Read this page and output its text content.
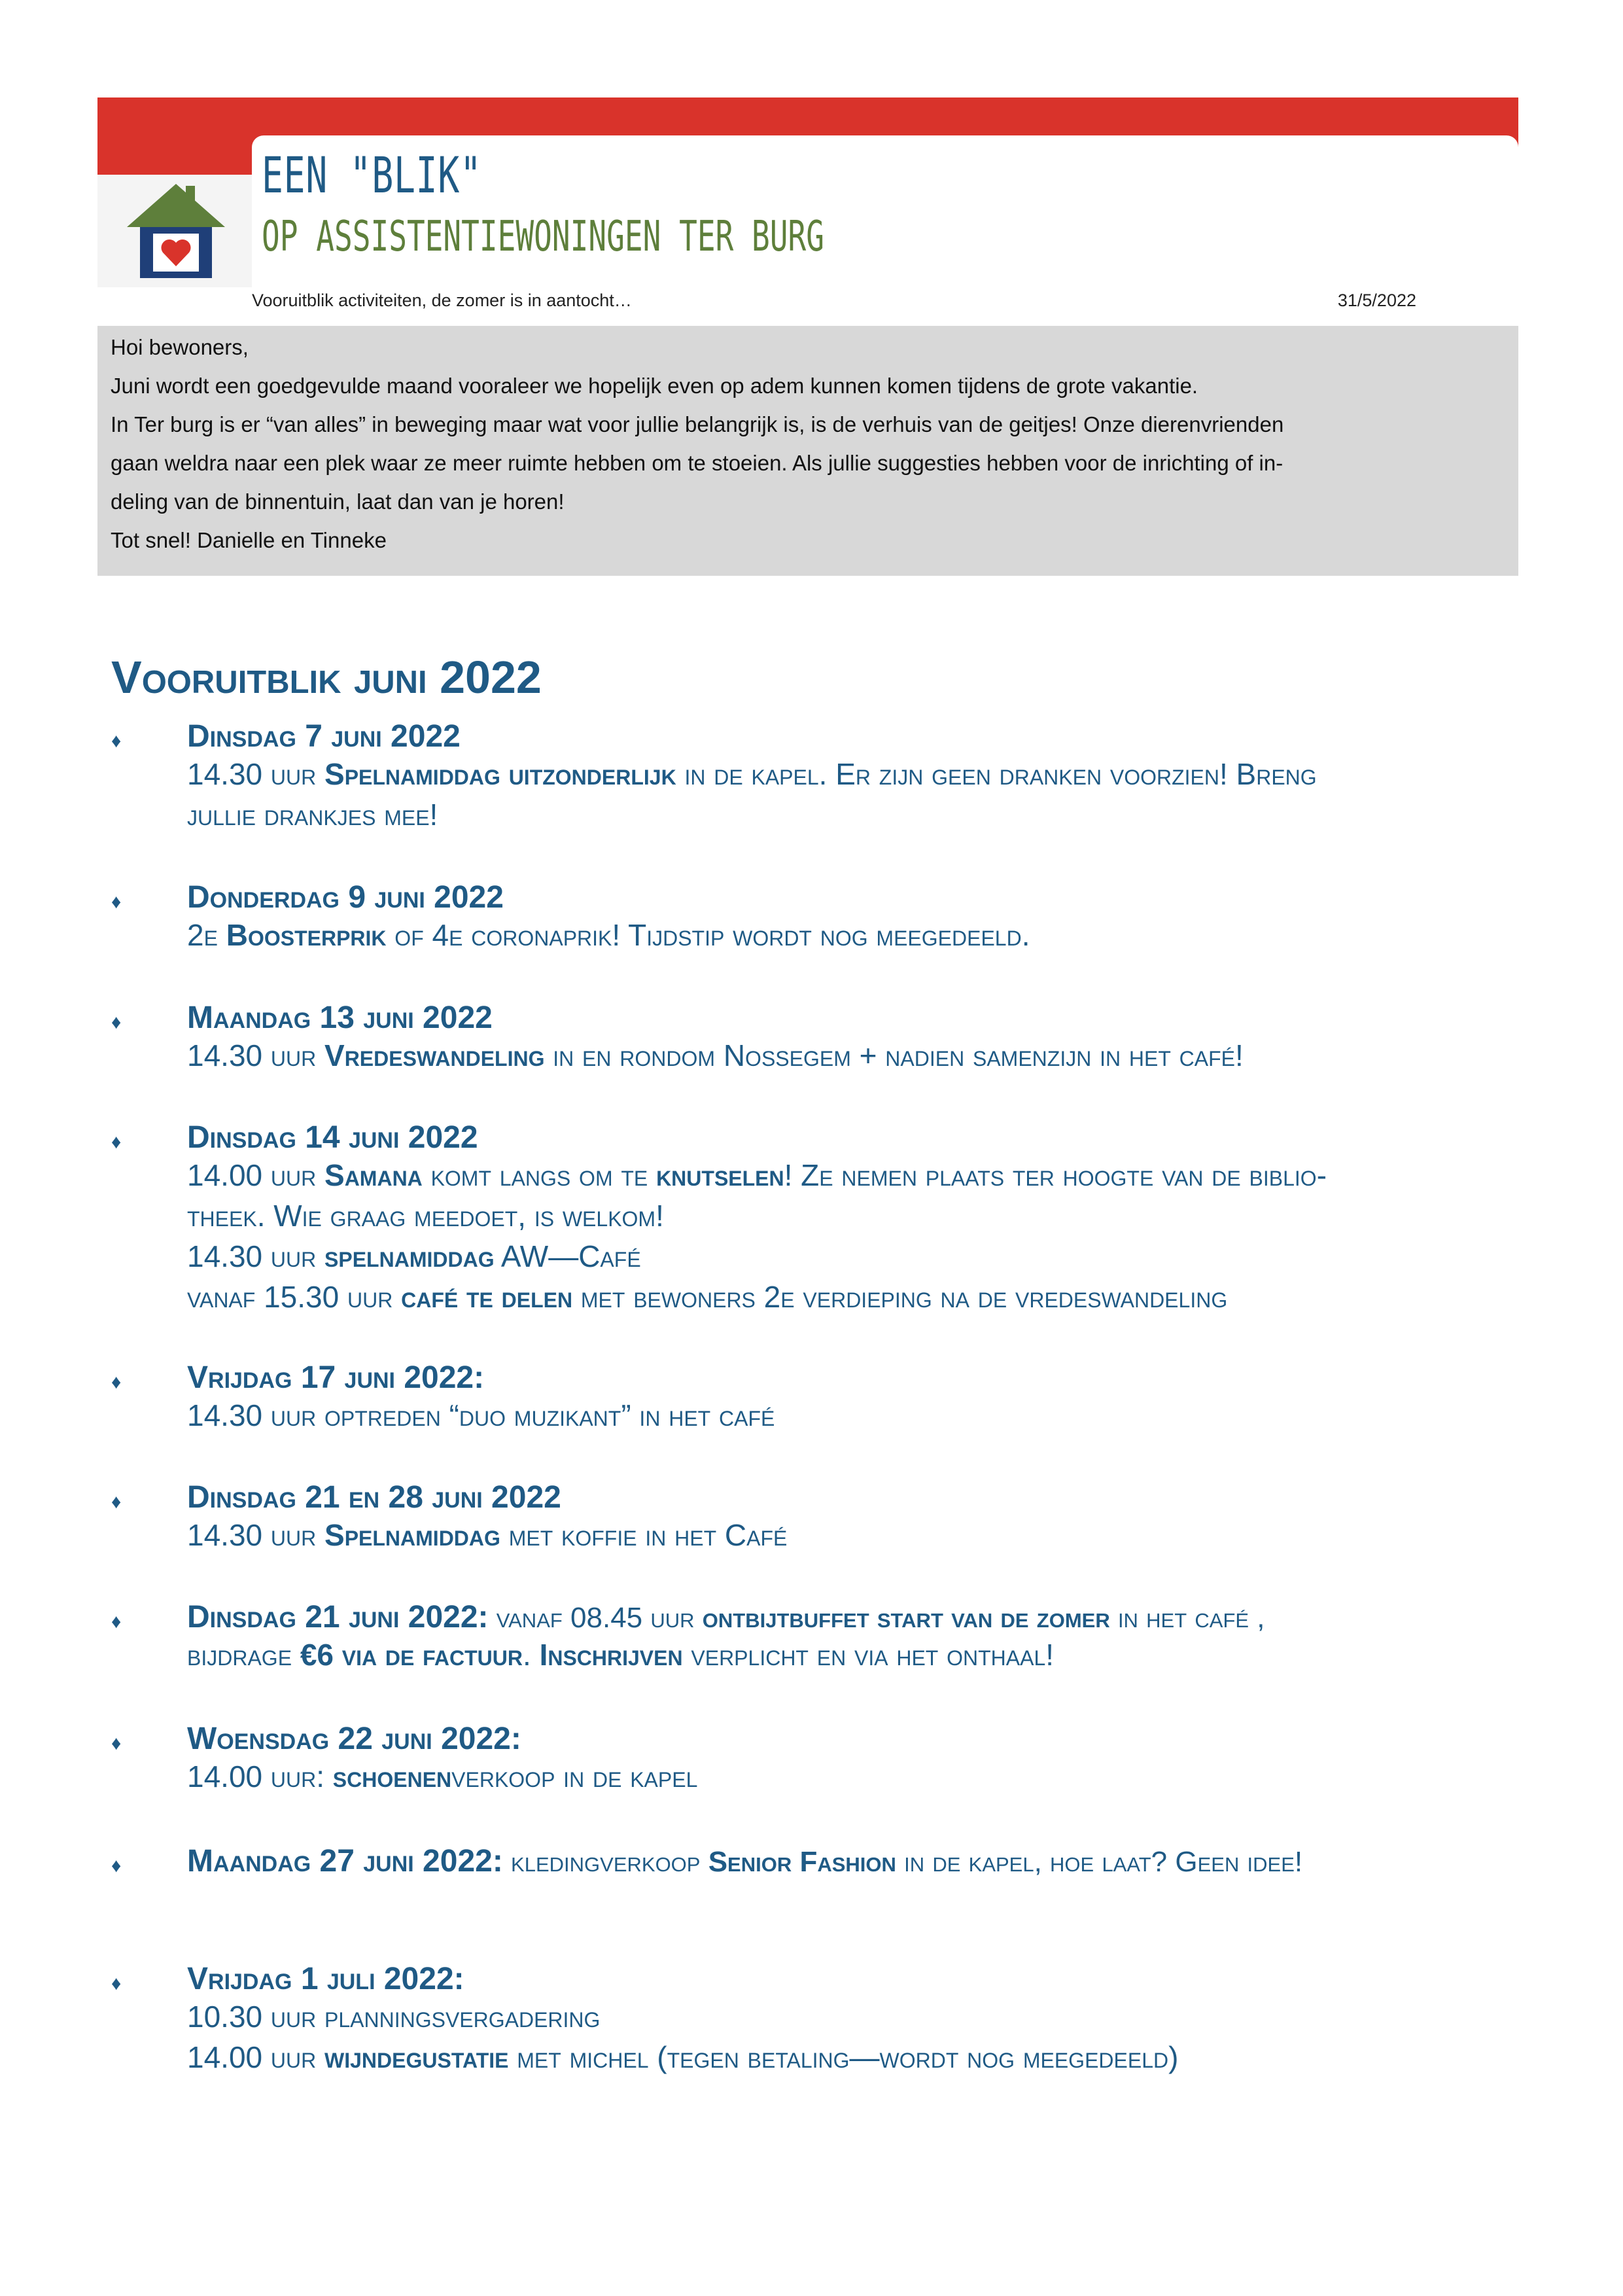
EEN "BLIK"
OP ASSISTENTIEWONINGEN TER BURG
Vooruitblik activiteiten, de zomer is in aantocht…	31/5/2022
Hoi bewoners,
Juni wordt een goedgevulde maand vooraleer we hopelijk even op adem kunnen komen tijdens de grote vakantie.
In Ter burg is er “van alles” in beweging maar wat voor jullie belangrijk is, is de verhuis van de geitjes! Onze dierenvrienden
gaan weldra naar een plek waar ze meer ruimte hebben om te stoeien. Als jullie suggesties hebben voor de inrichting of in-
deling van de binnentuin, laat dan van je horen!
Tot snel! Danielle en Tinneke
Vooruitblik juni 2022
♦ Dinsdag 7 juni 2022
14.30 uur Spelnamiddag uitzonderlijk in de kapel. Er zijn geen dranken voorzien! Breng
jullie drankjes mee!
♦ Donderdag 9 juni 2022
2e Boosterprik of 4e coronaprik! Tijdstip wordt nog meegedeeld.
♦ Maandag 13 juni 2022
14.30 uur Vredeswandeling in en rondom Nossegem + nadien samenzijn in het café!
♦ Dinsdag 14 juni 2022
14.00 uur Samana komt langs om te knutselen! Ze nemen plaats ter hoogte van de biblio-
theek. Wie graag meedoet, is welkom!
14.30 uur spelnamiddag AW—Café
vanaf 15.30 uur café te delen met bewoners 2e verdieping na de vredeswandeling
♦ Vrijdag 17 juni 2022:
14.30 uur optreden “duo muzikant” in het café
♦ Dinsdag 21 en 28 juni 2022
14.30 uur Spelnamiddag met koffie in het Café
♦ Dinsdag 21 juni 2022: vanaf 08.45 uur ontbijtbuffet start van de zomer in het café ,
bijdrage €6 via de factuur. Inschrijven verplicht en via het onthaal!
♦ Woensdag 22 juni 2022:
14.00 uur: schoenenverkoop in de kapel
♦ Maandag 27 juni 2022: kledingverkoop Senior Fashion in de kapel, hoe laat? Geen idee!
♦ Vrijdag 1 juli 2022:
10.30 uur planningsvergadering
14.00 uur wijndegustatie met michel (tegen betaling—wordt nog meegedeeld)
